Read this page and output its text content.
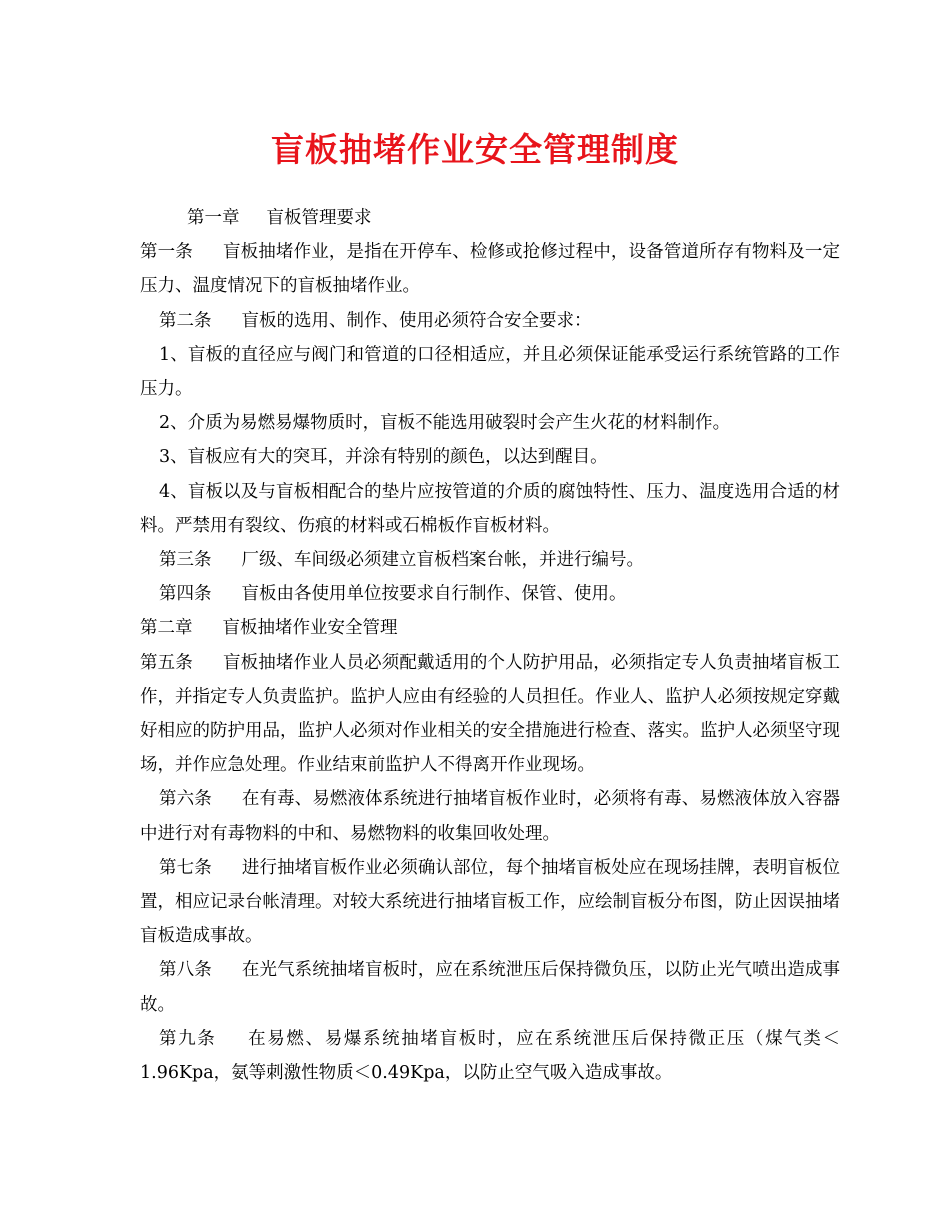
盲板抽堵作业安全管理制度

第一章 盲板管理要求

第一条 盲板抽堵作业，是指在开停车、检修或抢修过程中，设备管道所存有物料及一定压力、温度情况下的盲板抽堵作业。

第二条 盲板的选用、制作、使用必须符合安全要求：

1、盲板的直径应与阀门和管道的口径相适应，并且必须保证能承受运行系统管路的工作压力。

2、介质为易燃易爆物质时，盲板不能选用破裂时会产生火花的材料制作。

3、盲板应有大的突耳，并涂有特别的颜色，以达到醒目。

4、盲板以及与盲板相配合的垫片应按管道的介质的腐蚀特性、压力、温度选用合适的材料。严禁用有裂纹、伤痕的材料或石棉板作盲板材料。

第三条 厂级、车间级必须建立盲板档案台帐，并进行编号。

第四条 盲板由各使用单位按要求自行制作、保管、使用。

第二章 盲板抽堵作业安全管理

第五条 盲板抽堵作业人员必须配戴适用的个人防护用品，必须指定专人负责抽堵盲板工作，并指定专人负责监护。监护人应由有经验的人员担任。作业人、监护人必须按规定穿戴好相应的防护用品，监护人必须对作业相关的安全措施进行检查、落实。监护人必须坚守现场，并作应急处理。作业结束前监护人不得离开作业现场。

第六条 在有毒、易燃液体系统进行抽堵盲板作业时，必须将有毒、易燃液体放入容器中进行对有毒物料的中和、易燃物料的收集回收处理。

第七条 进行抽堵盲板作业必须确认部位，每个抽堵盲板处应在现场挂牌，表明盲板位置，相应记录台帐清理。对较大系统进行抽堵盲板工作，应绘制盲板分布图，防止因误抽堵盲板造成事故。

第八条 在光气系统抽堵盲板时，应在系统泄压后保持微负压，以防止光气喷出造成事故。

第九条 在易燃、易爆系统抽堵盲板时，应在系统泄压后保持微正压（煤气类＜1.96Kpa，氨等刺激性物质＜0.49Kpa，以防止空气吸入造成事故。
